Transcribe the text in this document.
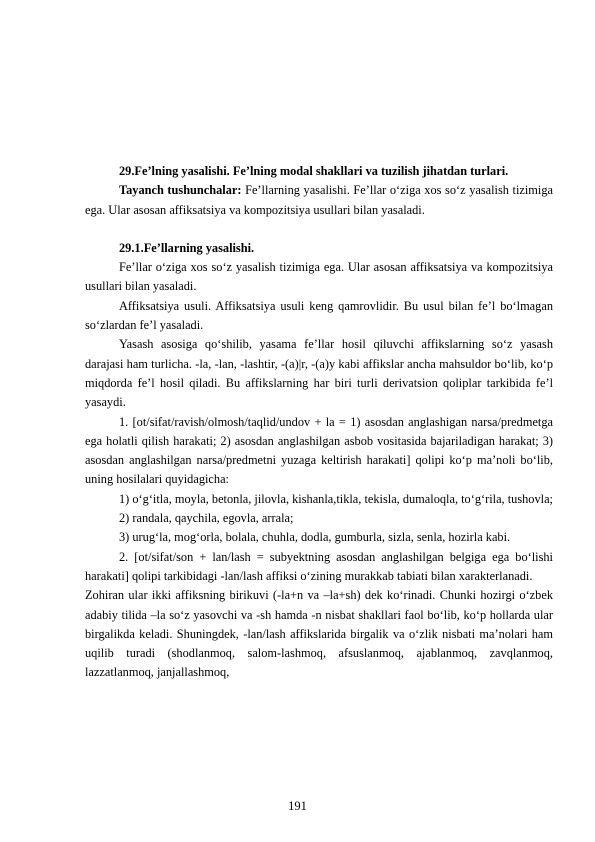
29.Fe’lning yasalishi. Fe’lning modal shakllari va tuzilish jihatdan turlari.

Tayanch tushunchalar: Fe’llarning yasalishi. Fe’llar o‘ziga xos so‘z yasalish tizimiga ega. Ular asosan affiksatsiya va kompozitsiya usullari bilan yasaladi.

29.1.Fe’llarning yasalishi.

Fe’llar o‘ziga xos so‘z yasalish tizimiga ega. Ular asosan affiksatsiya va kompozitsiya usullari bilan yasaladi.

Affiksatsiya usuli. Affiksatsiya usuli keng qamrovlidir. Bu usul bilan fe’l bo‘lmagan so‘zlardan fe’l yasaladi.

Yasash asosiga qo‘shilib, yasama fe’llar hosil qiluvchi affikslarning so‘z yasash darajasi ham turlicha. -la, -lan, -lashtir, -(a)|r, -(a)y kabi affikslar ancha mahsuldor bo‘lib, ko‘p miqdorda fe’l hosil qiladi. Bu affikslarning har biri turli derivatsion qoliplar tarkibida fe’l yasaydi.

1. [ot/sifat/ravish/olmosh/taqlid/undov + la = 1) asosdan anglashigan narsa/predmetga ega holatli qilish harakati; 2) asosdan anglashilgan asbob vositasida bajariladigan harakat; 3) asosdan anglashilgan narsa/predmetni yuzaga keltirish harakati] qolipi ko‘p ma’noli bo‘lib, uning hosilalari quyidagicha:

1) o‘g‘itla, moyla, betonla, jilovla, kishanla,tikla, tekisla, dumaloqla, to‘g‘rila, tushovla;

2) randala, qaychila, egovla, arrala;

3) urug‘la, mog‘orla, bolala, chuhla, dodla, gumburla, sizla, senla, hozirla kabi.

2. [ot/sifat/son + lan/lash = subyektning asosdan anglashilgan belgiga ega bo‘lishi harakati] qolipi tarkibidagi -lan/lash affiksi o‘zining murakkab tabiati bilan xarakterlanadi.

Zohiran ular ikki affiksning birikuvi (-la+n va –la+sh) dek ko‘rinadi. Chunki hozirgi o‘zbek adabiy tilida –la so‘z yasovchi va -sh hamda -n nisbat shakllari faol bo‘lib, ko‘p hollarda ular birgalikda keladi. Shuningdek, -lan/lash affikslarida birgalik va o‘zlik nisbati ma’nolari ham uqilib turadi (shodlanmoq, salom-lashmoq, afsuslanmoq, ajablanmoq, zavqlanmoq, lazzatlanmoq, janjallashmoq,

191
